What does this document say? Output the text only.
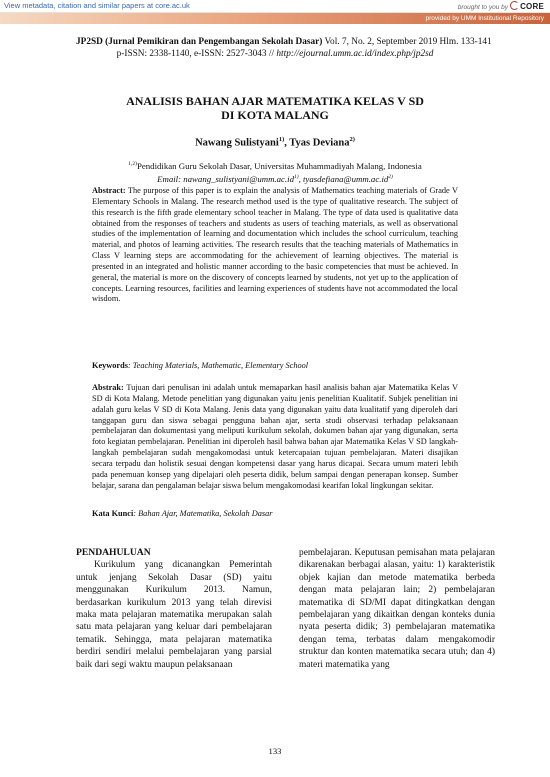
View metadata, citation and similar papers at core.ac.uk	brought to you by CORE
provided by UMM Institutional Repository
JP2SD (Jurnal Pemikiran dan Pengembangan Sekolah Dasar) Vol. 7, No. 2, September 2019 Hlm. 133-141
p-ISSN: 2338-1140, e-ISSN: 2527-3043 // http://ejournal.umm.ac.id/index.php/jp2sd
ANALISIS BAHAN AJAR MATEMATIKA KELAS V SD
DI KOTA MALANG
Nawang Sulistyani$^{1)}$, Tyas Deviana$^{2)}$
$^{1,2)}$Pendidikan Guru Sekolah Dasar, Universitas Muhammadiyah Malang, Indonesia
Email: $nawang\_sulistyani@umm.ac.id^{1)}$, $tyasdefiana@umm.ac.id^{2)}$
Abstract: The purpose of this paper is to explain the analysis of Mathematics teaching materials of Grade V Elementary Schools in Malang. The research method used is the type of qualitative research. The subject of this research is the fifth grade elementary school teacher in Malang. The type of data used is qualitative data obtained from the responses of teachers and students as users of teaching materials, as well as observational studies of the implementation of learning and documentation which includes the school curriculum, teaching material, and photos of learning activities. The research results that the teaching materials of Mathematics in Class V learning steps are accommodating for the achievement of learning objectives. The material is presented in an integrated and holistic manner according to the basic competencies that must be achieved. In general, the material is more on the discovery of concepts learned by students, not yet up to the application of concepts. Learning resources, facilities and learning experiences of students have not accommodated the local wisdom.
Keywords: Teaching Materials, Mathematic, Elementary School
Abstrak: Tujuan dari penulisan ini adalah untuk memaparkan hasil analisis bahan ajar Matematika Kelas V SD di Kota Malang. Metode penelitian yang digunakan yaitu jenis penelitian Kualitatif. Subjek penelitian ini adalah guru kelas V SD di Kota Malang. Jenis data yang digunakan yaitu data kualitatif yang diperoleh dari tanggapan guru dan siswa sebagai pengguna bahan ajar, serta studi observasi terhadap pelaksanaan pembelajaran dan dokumentasi yang meliputi kurikulum sekolah, dokumen bahan ajar yang digunakan, serta foto kegiatan pembelajaran. Penelitian ini diperoleh hasil bahwa bahan ajar Matematika Kelas V SD langkah-langkah pembelajaran sudah mengakomodasi untuk ketercapaian tujuan pembelajaran. Materi disajikan secara terpadu dan holistik sesuai dengan kompetensi dasar yang harus dicapai. Secara umum materi lebih pada penemuan konsep yang dipelajari oleh peserta didik, belum sampai dengan penerapan konsep. Sumber belajar, sarana dan pengalaman belajar siswa belum mengakomodasi kearifan lokal lingkungan sekitar.
Kata Kunci: Bahan Ajar, Matematika, Sekolah Dasar
PENDAHULUAN

Kurikulum yang dicanangkan Pemerintah untuk jenjang Sekolah Dasar (SD) yaitu menggunakan Kurikulum 2013. Namun, berdasarkan kurikulum 2013 yang telah direvisi maka mata pelajaran matematika merupakan salah satu mata pelajaran yang keluar dari pembelajaran tematik. Sehingga, mata pelajaran matematika berdiri sendiri melalui pembelajaran yang parsial baik dari segi waktu maupun pelaksanaan

pembelajaran. Keputusan pemisahan mata pelajaran dikarenakan berbagai alasan, yaitu: 1) karakteristik objek kajian dan metode matematika berbeda dengan mata pelajaran lain; 2) pembelajaran matematika di SD/MI dapat ditingkatkan dengan pembelajaran yang dikaitkan dengan konteks dunia nyata peserta didik; 3) pembelajaran matematika dengan tema, terbatas dalam mengakomodir struktur dan konten matematika secara utuh; dan 4) materi matematika yang

133
